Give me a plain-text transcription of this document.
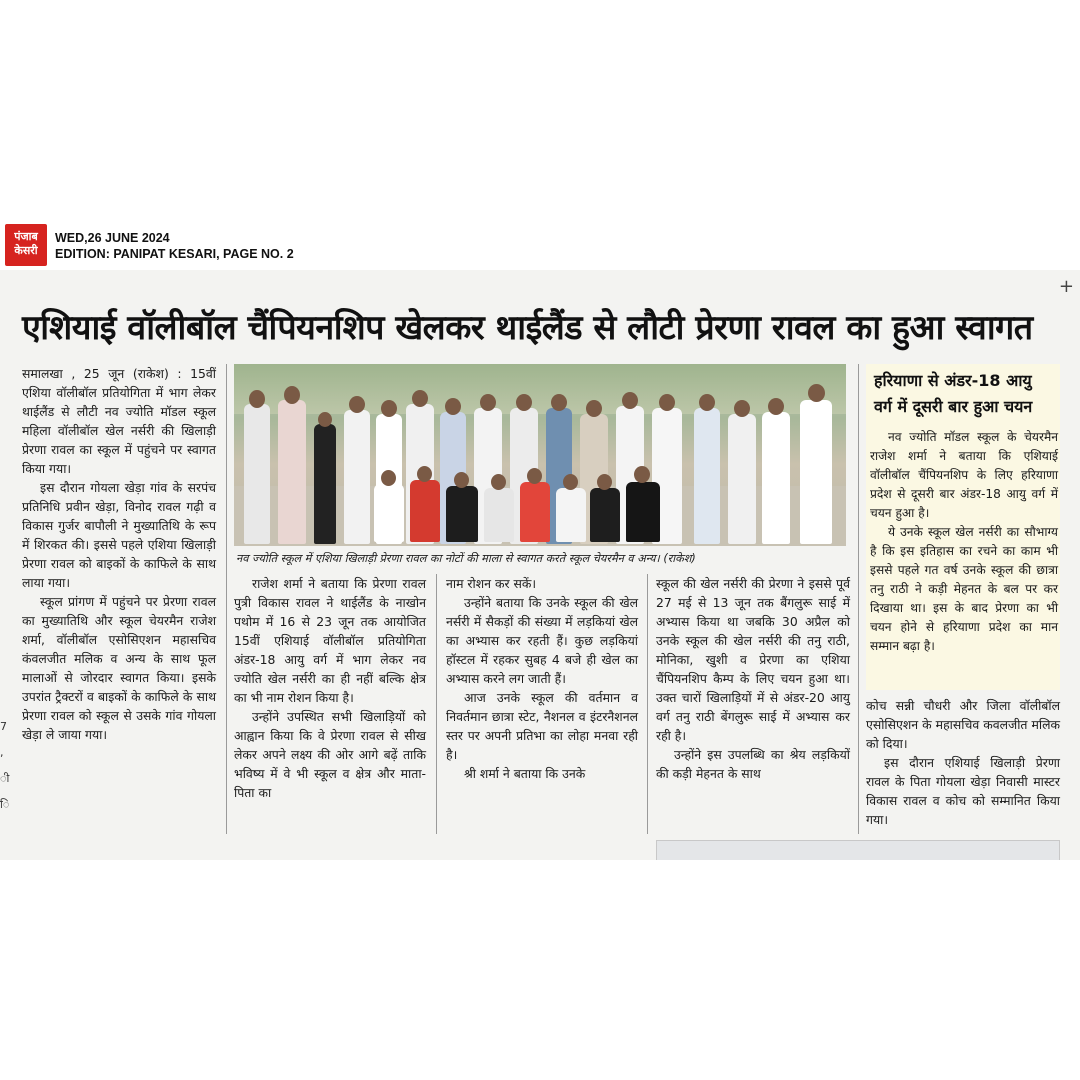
पंजाब
केसरी
WED,26 JUNE 2024
EDITION: PANIPAT KESARI, PAGE NO. 2
+
एशियाई वॉलीबॉल चैंपियनशिप खेलकर थाईलैंड से लौटी प्रेरणा रावल का हुआ स्वागत

समालखा , 25 जून (राकेश) : 15वीं एशिया वॉलीबॉल प्रतियोगिता में भाग लेकर थाईलैंड से लौटी नव ज्योति मॉडल स्कूल महिला वॉलीबॉल खेल नर्सरी की खिलाड़ी प्रेरणा रावल का स्कूल में पहुंचने पर स्वागत किया गया।

इस दौरान गोयला खेड़ा गांव के सरपंच प्रतिनिधि प्रवीन खेड़ा, विनोद रावल गढ़ी व विकास गुर्जर बापौली ने मुख्यातिथि के रूप में शिरकत की। इससे पहले एशिया खिलाड़ी प्रेरणा रावल को बाइकों के काफिले के साथ लाया गया।

स्कूल प्रांगण में पहुंचने पर प्रेरणा रावल का मुख्यातिथि और स्कूल चेयरमैन राजेश शर्मा, वॉलीबॉल एसोसिएशन महासचिव कंवलजीत मलिक व अन्य के साथ फूल मालाओं से जोरदार स्वागत किया। इसके उपरांत ट्रैक्टरों व बाइकों के काफिले के साथ प्रेरणा रावल को स्कूल से उसके गांव गोयला खेड़ा ले जाया गया।

7
,
ी
ि
नव ज्योति स्कूल में एशिया खिलाड़ी प्रेरणा रावल का नोटों की माला से स्वागत करते स्कूल चेयरमैन व अन्य। (राकेश)

राजेश शर्मा ने बताया कि प्रेरणा रावल पुत्री विकास रावल ने थाईलैंड के नाखोन पथोम में 16 से 23 जून तक आयोजित 15वीं एशियाई वॉलीबॉल प्रतियोगिता अंडर-18 आयु वर्ग में भाग लेकर नव ज्योति खेल नर्सरी का ही नहीं बल्कि क्षेत्र का भी नाम रोशन किया है।

उन्होंने उपस्थित सभी खिलाड़ियों को आह्वान किया कि वे प्रेरणा रावल से सीख लेकर अपने लक्ष्य की ओर आगे बढ़ें ताकि भविष्य में वे भी स्कूल व क्षेत्र और माता-पिता का

नाम रोशन कर सकें।

उन्होंने बताया कि उनके स्कूल की खेल नर्सरी में सैकड़ों की संख्या में लड़कियां खेल का अभ्यास कर रहती हैं। कुछ लड़कियां हॉस्टल में रहकर सुबह 4 बजे ही खेल का अभ्यास करने लग जाती हैं।

आज उनके स्कूल की वर्तमान व निवर्तमान छात्रा स्टेट, नैशनल व इंटरनैशनल स्तर पर अपनी प्रतिभा का लोहा मनवा रही है।

श्री शर्मा ने बताया कि उनके

स्कूल की खेल नर्सरी की प्रेरणा ने इससे पूर्व 27 मई से 13 जून तक बैंगलुरू साई में अभ्यास किया था जबकि 30 अप्रैल को उनके स्कूल की खेल नर्सरी की तनु राठी, मोनिका, खुशी व प्रेरणा का एशिया चैंपियनशिप कैम्प के लिए चयन हुआ था। उक्त चारों खिलाड़ियों में से अंडर-20 आयु वर्ग तनु राठी बेंगलुरू साई में अभ्यास कर रही है।

उन्होंने इस उपलब्धि का श्रेय लड़कियों की कड़ी मेहनत के साथ

हरियाणा से अंडर-18 आयु वर्ग में दूसरी बार हुआ चयन

नव ज्योति मॉडल स्कूल के चेयरमैन राजेश शर्मा ने बताया कि एशियाई वॉलीबॉल चैंपियनशिप के लिए हरियाणा प्रदेश से दूसरी बार अंडर-18 आयु वर्ग में चयन हुआ है।

ये उनके स्कूल खेल नर्सरी का सौभाग्य है कि इस इतिहास का रचने का काम भी इससे पहले गत वर्ष उनके स्कूल की छात्रा तनु राठी ने कड़ी मेहनत के बल पर कर दिखाया था। इस के बाद प्रेरणा का भी चयन होने से हरियाणा प्रदेश का मान सम्मान बढ़ा है।

कोच सन्नी चौधरी और जिला वॉलीबॉल एसोसिएशन के महासचिव कवलजीत मलिक को दिया।

इस दौरान एशियाई खिलाड़ी प्रेरणा रावल के पिता गोयला खेड़ा निवासी मास्टर विकास रावल व कोच को सम्मानित किया गया।
